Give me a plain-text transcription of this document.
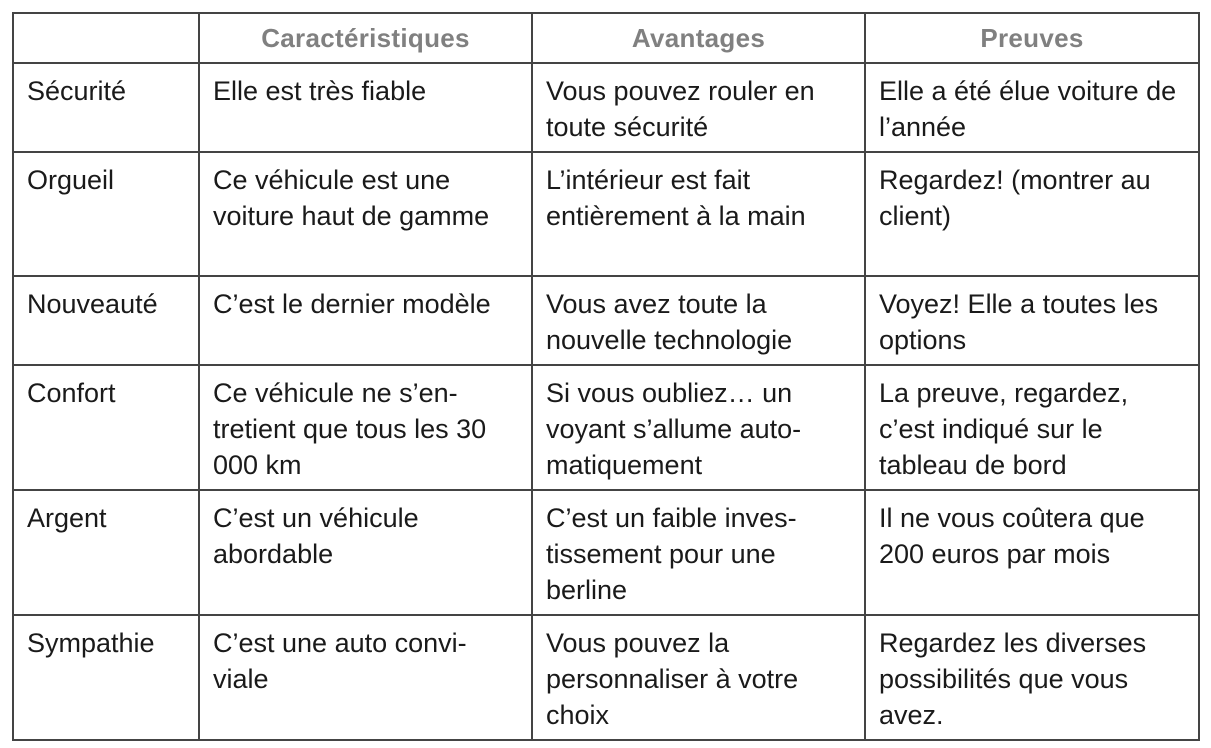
	Caractéristiques	Avantages	Preuves
Sécurité	Elle est très fiable	Vous pouvez rouler en toute sécurité	Elle a été élue voiture de l’année
Orgueil	Ce véhicule est une voiture haut de gamme	L’intérieur est fait entièrement à la main	Regardez! (montrer au client)
Nouveauté	C’est le dernier modèle	Vous avez toute la nouvelle technologie	Voyez! Elle a toutes les options
Confort	Ce véhicule ne s’en-tretient que tous les 30 000 km	Si vous oubliez… un voyant s’allume auto-matiquement	La preuve, regardez, c’est indiqué sur le tableau de bord
Argent	C’est un véhicule abordable	C’est un faible inves-tissement pour une berline	Il ne vous coûtera que 200 euros par mois
Sympathie	C’est une auto convi-viale	Vous pouvez la personnaliser à votre choix	Regardez les diverses possibilités que vous avez.
